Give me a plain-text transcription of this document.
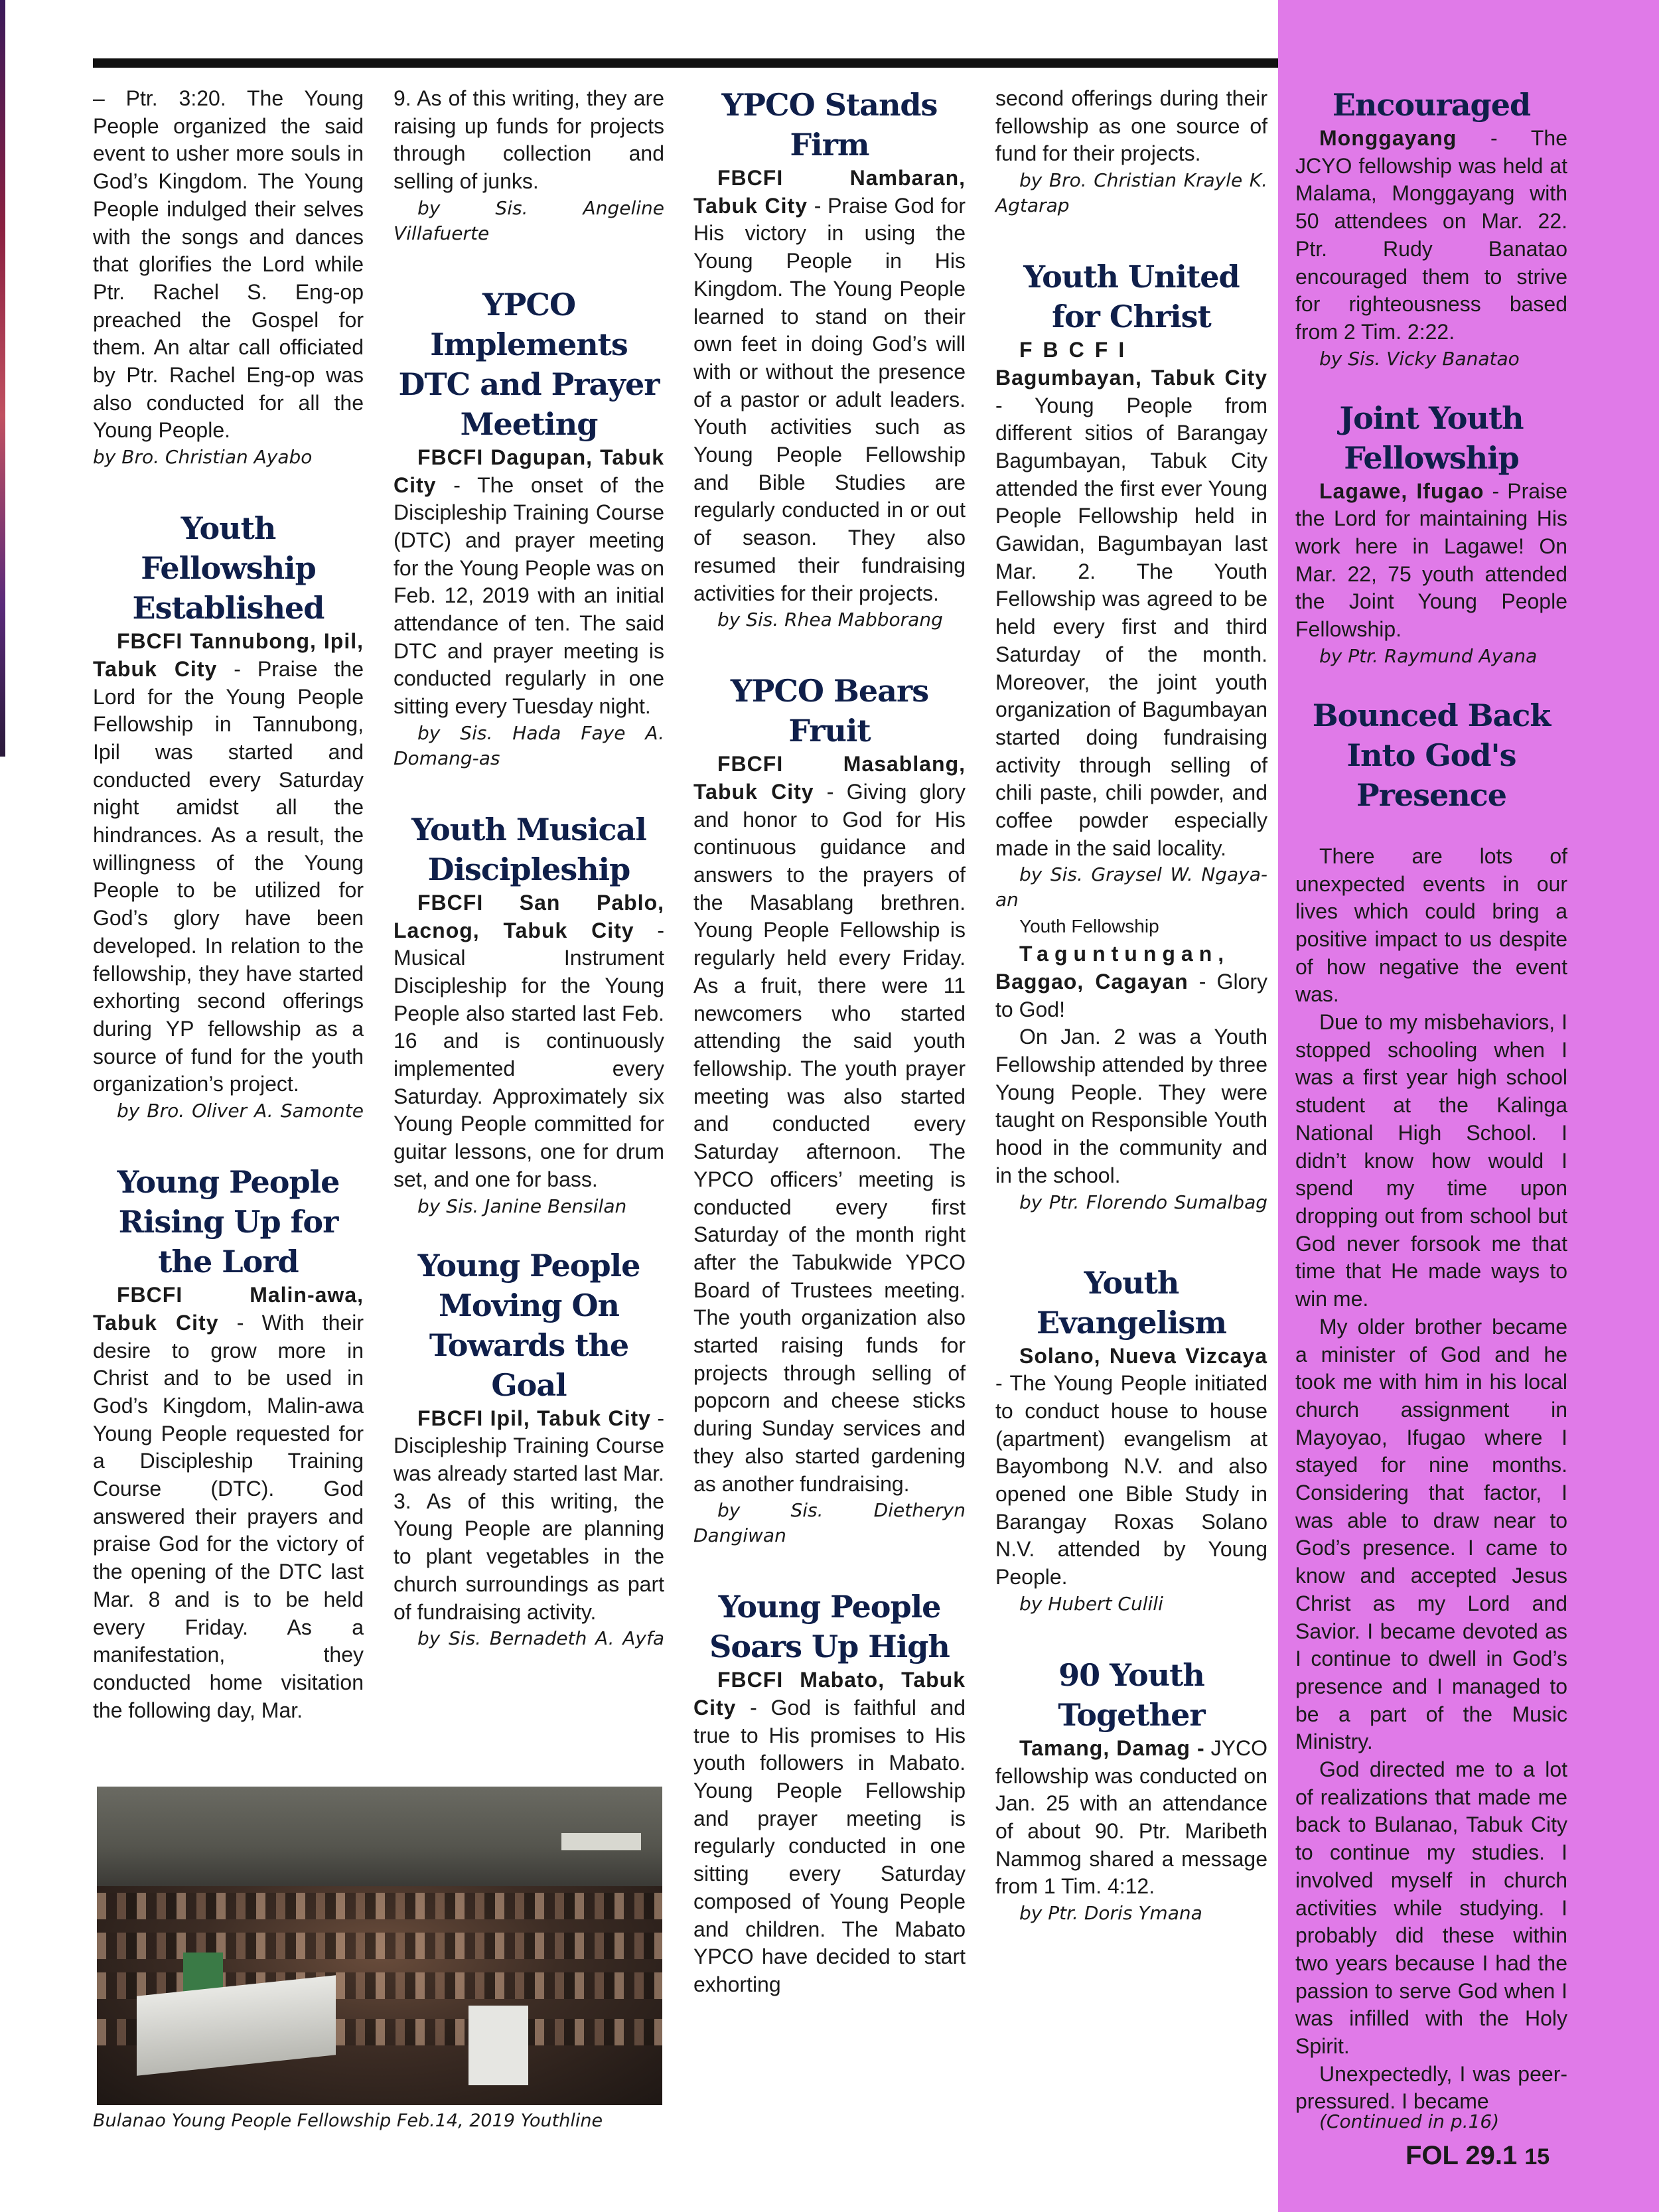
– Ptr. 3:20. The Young People organized the said event to usher more souls in God’s Kingdom. The Young People indulged their selves with the songs and dances that glorifies the Lord while Ptr. Rachel S. Eng-op preached the Gospel for them. An altar call officiated by Ptr. Rachel Eng-op was also conducted for all the Young People.

by Bro. Christian Ayabo

Youth Fellowship Established

FBCFI Tannubong, Ipil, Tabuk City - Praise the Lord for the Young People Fellowship in Tannubong, Ipil was started and conducted every Saturday night amidst all the hindrances. As a result, the willingness of the Young People to be utilized for God’s glory have been developed. In relation to the fellowship, they have started exhorting second offerings during YP fellowship as a source of fund for the youth organization’s project.

by Bro. Oliver A. Samonte

Young People Rising Up for the Lord

FBCFI Malin-awa, Tabuk City - With their desire to grow more in Christ and to be used in God’s Kingdom, Malin-awa Young People requested for a Discipleship Training Course (DTC). God answered their prayers and praise God for the victory of the opening of the DTC last Mar. 8 and is to be held every Friday. As a manifestation, they conducted home visitation the following day, Mar.

9. As of this writing, they are raising up funds for projects through collection and selling of junks.

by Sis. Angeline Villafuerte

YPCO Implements DTC and Prayer Meeting

FBCFI Dagupan, Tabuk City - The onset of the Discipleship Training Course (DTC) and prayer meeting for the Young People was on Feb. 12, 2019 with an initial attendance of ten. The said DTC and prayer meeting is conducted regularly in one sitting every Tuesday night.

by Sis. Hada Faye A. Domang-as

Youth Musical Discipleship

FBCFI San Pablo, Lacnog, Tabuk City - Musical Instrument Discipleship for the Young People also started last Feb. 16 and is continuously implemented every Saturday. Approximately six Young People committed for guitar lessons, one for drum set, and one for bass.

by Sis. Janine Bensilan

Young People Moving On Towards the Goal

FBCFI Ipil, Tabuk City - Discipleship Training Course was already started last Mar. 3. As of this writing, the Young People are planning to plant vegetables in the church surroundings as part of fundraising activity.

by Sis. Bernadeth A. Ayfa

YPCO Stands Firm

FBCFI Nambaran, Tabuk City - Praise God for His victory in using the Young People in His Kingdom. The Young People learned to stand on their own feet in doing God’s will with or without the presence of a pastor or adult leaders. Youth activities such as Young People Fellowship and Bible Studies are regularly conducted in or out of season. They also resumed their fundraising activities for their projects.

by Sis. Rhea Mabborang

YPCO Bears Fruit

FBCFI Masablang, Tabuk City - Giving glory and honor to God for His continuous guidance and answers to the prayers of the Masablang brethren. Young People Fellowship is regularly held every Friday. As a fruit, there were 11 newcomers who started attending the said youth fellowship. The youth prayer meeting was also started and conducted every Saturday afternoon. The YPCO officers’ meeting is conducted every first Saturday of the month right after the Tabukwide YPCO Board of Trustees meeting. The youth organization also started raising funds for projects through selling of popcorn and cheese sticks during Sunday services and they also started gardening as another fundraising.

by Sis. Dietheryn Dangiwan

Young People Soars Up High

FBCFI Mabato, Tabuk City - God is faithful and true to His promises to His youth followers in Mabato. Young People Fellowship and prayer meeting is regularly conducted in one sitting every Saturday composed of Young People and children. The Mabato YPCO have decided to start exhorting

second offerings during their fellowship as one source of fund for their projects.

by Bro. Christian Krayle K. Agtarap

Youth United for Christ

FBCFI
Bagumbayan, Tabuk City - Young People from different sitios of Barangay Bagumbayan, Tabuk City attended the first ever Young People Fellowship held in Gawidan, Bagumbayan last Mar. 2. The Youth Fellowship was agreed to be held every first and third Saturday of the month. Moreover, the joint youth organization of Bagumbayan started doing fundraising activity through selling of chili paste, chili powder, and coffee powder especially made in the said locality.

by Sis. Graysel W. Ngaya-an

Youth Fellowship

Taguntungan,
Baggao, Cagayan - Glory to God!

On Jan. 2 was a Youth Fellowship attended by three Young People. They were taught on Responsible Youth hood in the community and in the school.

by Ptr. Florendo Sumalbag

Youth Evangelism

Solano, Nueva Vizcaya - The Young People initiated to conduct house to house (apartment) evangelism at Bayombong N.V. and also opened one Bible Study in Barangay Roxas Solano N.V. attended by Young People.

by Hubert Culili

90 Youth Together

Tamang, Damag - JYCO fellowship was conducted on Jan. 25 with an attendance of about 90. Ptr. Maribeth Nammog shared a message from 1 Tim. 4:12.

by Ptr. Doris Ymana

Encouraged

Monggayang - The JCYO fellowship was held at Malama, Monggayang with 50 attendees on Mar. 22. Ptr. Rudy Banatao encouraged them to strive for righteousness based from 2 Tim. 2:22.

by Sis. Vicky Banatao

Joint Youth Fellowship

Lagawe, Ifugao - Praise the Lord for maintaining His work here in Lagawe! On Mar. 22, 75 youth attended the Joint Young People Fellowship.

by Ptr. Raymund Ayana

Bounced Back Into God's Presence

There are lots of unexpected events in our lives which could bring a positive impact to us despite of how negative the event was.

Due to my misbehaviors, I stopped schooling when I was a first year high school student at the Kalinga National High School. I didn’t know how would I spend my time upon dropping out from school but God never forsook me that time that He made ways to win me.

My older brother became a minister of God and he took me with him in his local church assignment in Mayoyao, Ifugao where I stayed for nine months. Considering that factor, I was able to draw near to God’s presence. I came to know and accepted Jesus Christ as my Lord and Savior. I became devoted as I continue to dwell in God’s presence and I managed to be a part of the Music Ministry.

God directed me to a lot of realizations that made me back to Bulanao, Tabuk City to continue my studies. I involved myself in church activities while studying. I probably did these within two years because I had the passion to serve God when I was infilled with the Holy Spirit.

Unexpectedly, I was peer-pressured. I became

Bulanao Young People Fellowship Feb.14, 2019 Youthline	(Continued in p.16)
FOL 29.1 15
